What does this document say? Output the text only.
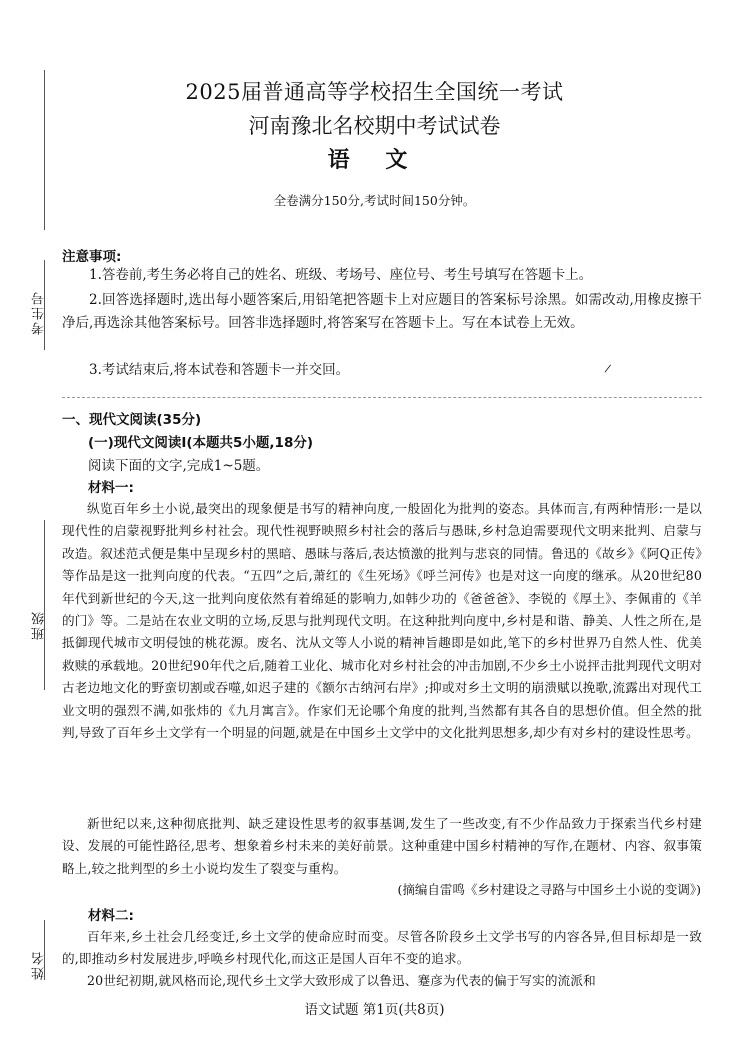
考生号
班级
姓名
2025届普通高等学校招生全国统一考试
河南豫北名校期中考试试卷
语 文
全卷满分150分,考试时间150分钟。
注意事项:
1.答卷前,考生务必将自己的姓名、班级、考场号、座位号、考生号填写在答题卡上。
2.回答选择题时,选出每小题答案后,用铅笔把答题卡上对应题目的答案标号涂黑。如需改动,用橡皮擦干净后,再选涂其他答案标号。回答非选择题时,将答案写在答题卡上。写在本试卷上无效。
3.考试结束后,将本试卷和答题卡一并交回。	/
一、现代文阅读(35分)
(一)现代文阅读Ⅰ(本题共5小题,18分)
阅读下面的文字,完成1~5题。
材料一:
纵览百年乡土小说,最突出的现象便是书写的精神向度,一般固化为批判的姿态。具体而言,有两种情形:一是以现代性的启蒙视野批判乡村社会。现代性视野映照乡村社会的落后与愚昧,乡村急迫需要现代文明来批判、启蒙与改造。叙述范式便是集中呈现乡村的黑暗、愚昧与落后,表达愤激的批判与悲哀的同情。鲁迅的《故乡》《阿Q正传》等作品是这一批判向度的代表。“五四”之后,萧红的《生死场》《呼兰河传》也是对这一向度的继承。从20世纪80年代到新世纪的今天,这一批判向度依然有着绵延的影响力,如韩少功的《爸爸爸》、李锐的《厚土》、李佩甫的《羊的门》等。二是站在农业文明的立场,反思与批判现代文明。在这种批判向度中,乡村是和谐、静美、人性之所在,是抵御现代城市文明侵蚀的桃花源。废名、沈从文等人小说的精神旨趣即是如此,笔下的乡村世界乃自然人性、优美救赎的承载地。20世纪90年代之后,随着工业化、城市化对乡村社会的冲击加剧,不少乡土小说抨击批判现代文明对古老边地文化的野蛮切割或吞噬,如迟子建的《额尔古纳河右岸》;抑或对乡土文明的崩溃赋以挽歌,流露出对现代工业文明的强烈不满,如张炜的《九月寓言》。作家们无论哪个角度的批判,当然都有其各自的思想价值。但全然的批判,导致了百年乡土文学有一个明显的问题,就是在中国乡土文学中的文化批判思想多,却少有对乡村的建设性思考。
新世纪以来,这种彻底批判、缺乏建设性思考的叙事基调,发生了一些改变,有不少作品致力于探索当代乡村建设、发展的可能性路径,思考、想象着乡村未来的美好前景。这种重建中国乡村精神的写作,在题材、内容、叙事策略上,较之批判型的乡土小说均发生了裂变与重构。
(摘编自雷鸣《乡村建设之寻路与中国乡土小说的变调》)
材料二:
百年来,乡土社会几经变迁,乡土文学的使命应时而变。尽管各阶段乡土文学书写的内容各异,但目标却是一致的,即推动乡村发展进步,呼唤乡村现代化,而这正是国人百年不变的追求。
20世纪初期,就风格而论,现代乡土文学大致形成了以鲁迅、蹇彦为代表的偏于写实的流派和
语文试题 第1页(共8页)
